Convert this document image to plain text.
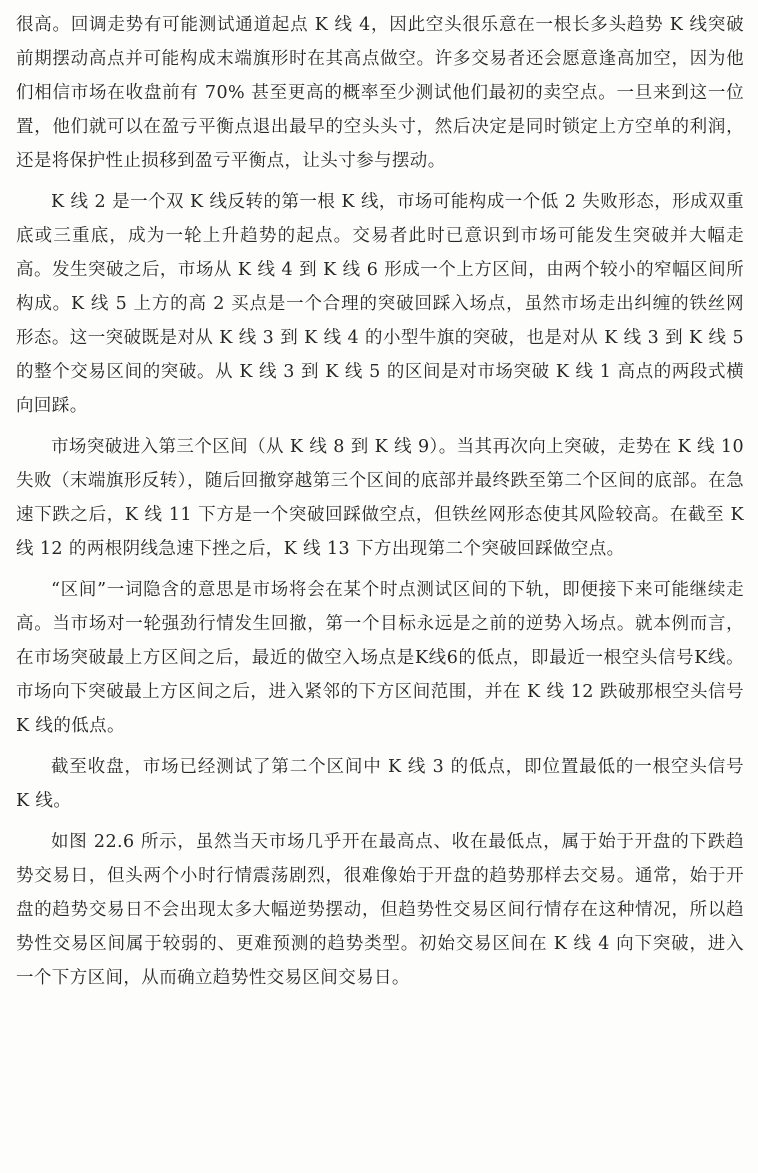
很高。回调走势有可能测试通道起点 K 线 4，因此空头很乐意在一根长多头趋势 K 线突破前期摆动高点并可能构成末端旗形时在其高点做空。许多交易者还会愿意逢高加空，因为他们相信市场在收盘前有 70% 甚至更高的概率至少测试他们最初的卖空点。一旦来到这一位置，他们就可以在盈亏平衡点退出最早的空头头寸，然后决定是同时锁定上方空单的利润，还是将保护性止损移到盈亏平衡点，让头寸参与摆动。

K 线 2 是一个双 K 线反转的第一根 K 线，市场可能构成一个低 2 失败形态，形成双重底或三重底，成为一轮上升趋势的起点。交易者此时已意识到市场可能发生突破并大幅走高。发生突破之后，市场从 K 线 4 到 K 线 6 形成一个上方区间，由两个较小的窄幅区间所构成。K 线 5 上方的高 2 买点是一个合理的突破回踩入场点，虽然市场走出纠缠的铁丝网形态。这一突破既是对从 K 线 3 到 K 线 4 的小型牛旗的突破，也是对从 K 线 3 到 K 线 5 的整个交易区间的突破。从 K 线 3 到 K 线 5 的区间是对市场突破 K 线 1 高点的两段式横向回踩。

市场突破进入第三个区间（从 K 线 8 到 K 线 9）。当其再次向上突破，走势在 K 线 10 失败（末端旗形反转），随后回撤穿越第三个区间的底部并最终跌至第二个区间的底部。在急速下跌之后，K 线 11 下方是一个突破回踩做空点，但铁丝网形态使其风险较高。在截至 K 线 12 的两根阴线急速下挫之后，K 线 13 下方出现第二个突破回踩做空点。

“区间”一词隐含的意思是市场将会在某个时点测试区间的下轨，即便接下来可能继续走高。当市场对一轮强劲行情发生回撤，第一个目标永远是之前的逆势入场点。就本例而言，在市场突破最上方区间之后，最近的做空入场点是K线6的低点，即最近一根空头信号K线。市场向下突破最上方区间之后，进入紧邻的下方区间范围，并在 K 线 12 跌破那根空头信号 K 线的低点。

截至收盘，市场已经测试了第二个区间中 K 线 3 的低点，即位置最低的一根空头信号 K 线。

如图 22.6 所示，虽然当天市场几乎开在最高点、收在最低点，属于始于开盘的下跌趋势交易日，但头两个小时行情震荡剧烈，很难像始于开盘的趋势那样去交易。通常，始于开盘的趋势交易日不会出现太多大幅逆势摆动，但趋势性交易区间行情存在这种情况，所以趋势性交易区间属于较弱的、更难预测的趋势类型。初始交易区间在 K 线 4 向下突破，进入一个下方区间，从而确立趋势性交易区间交易日。
